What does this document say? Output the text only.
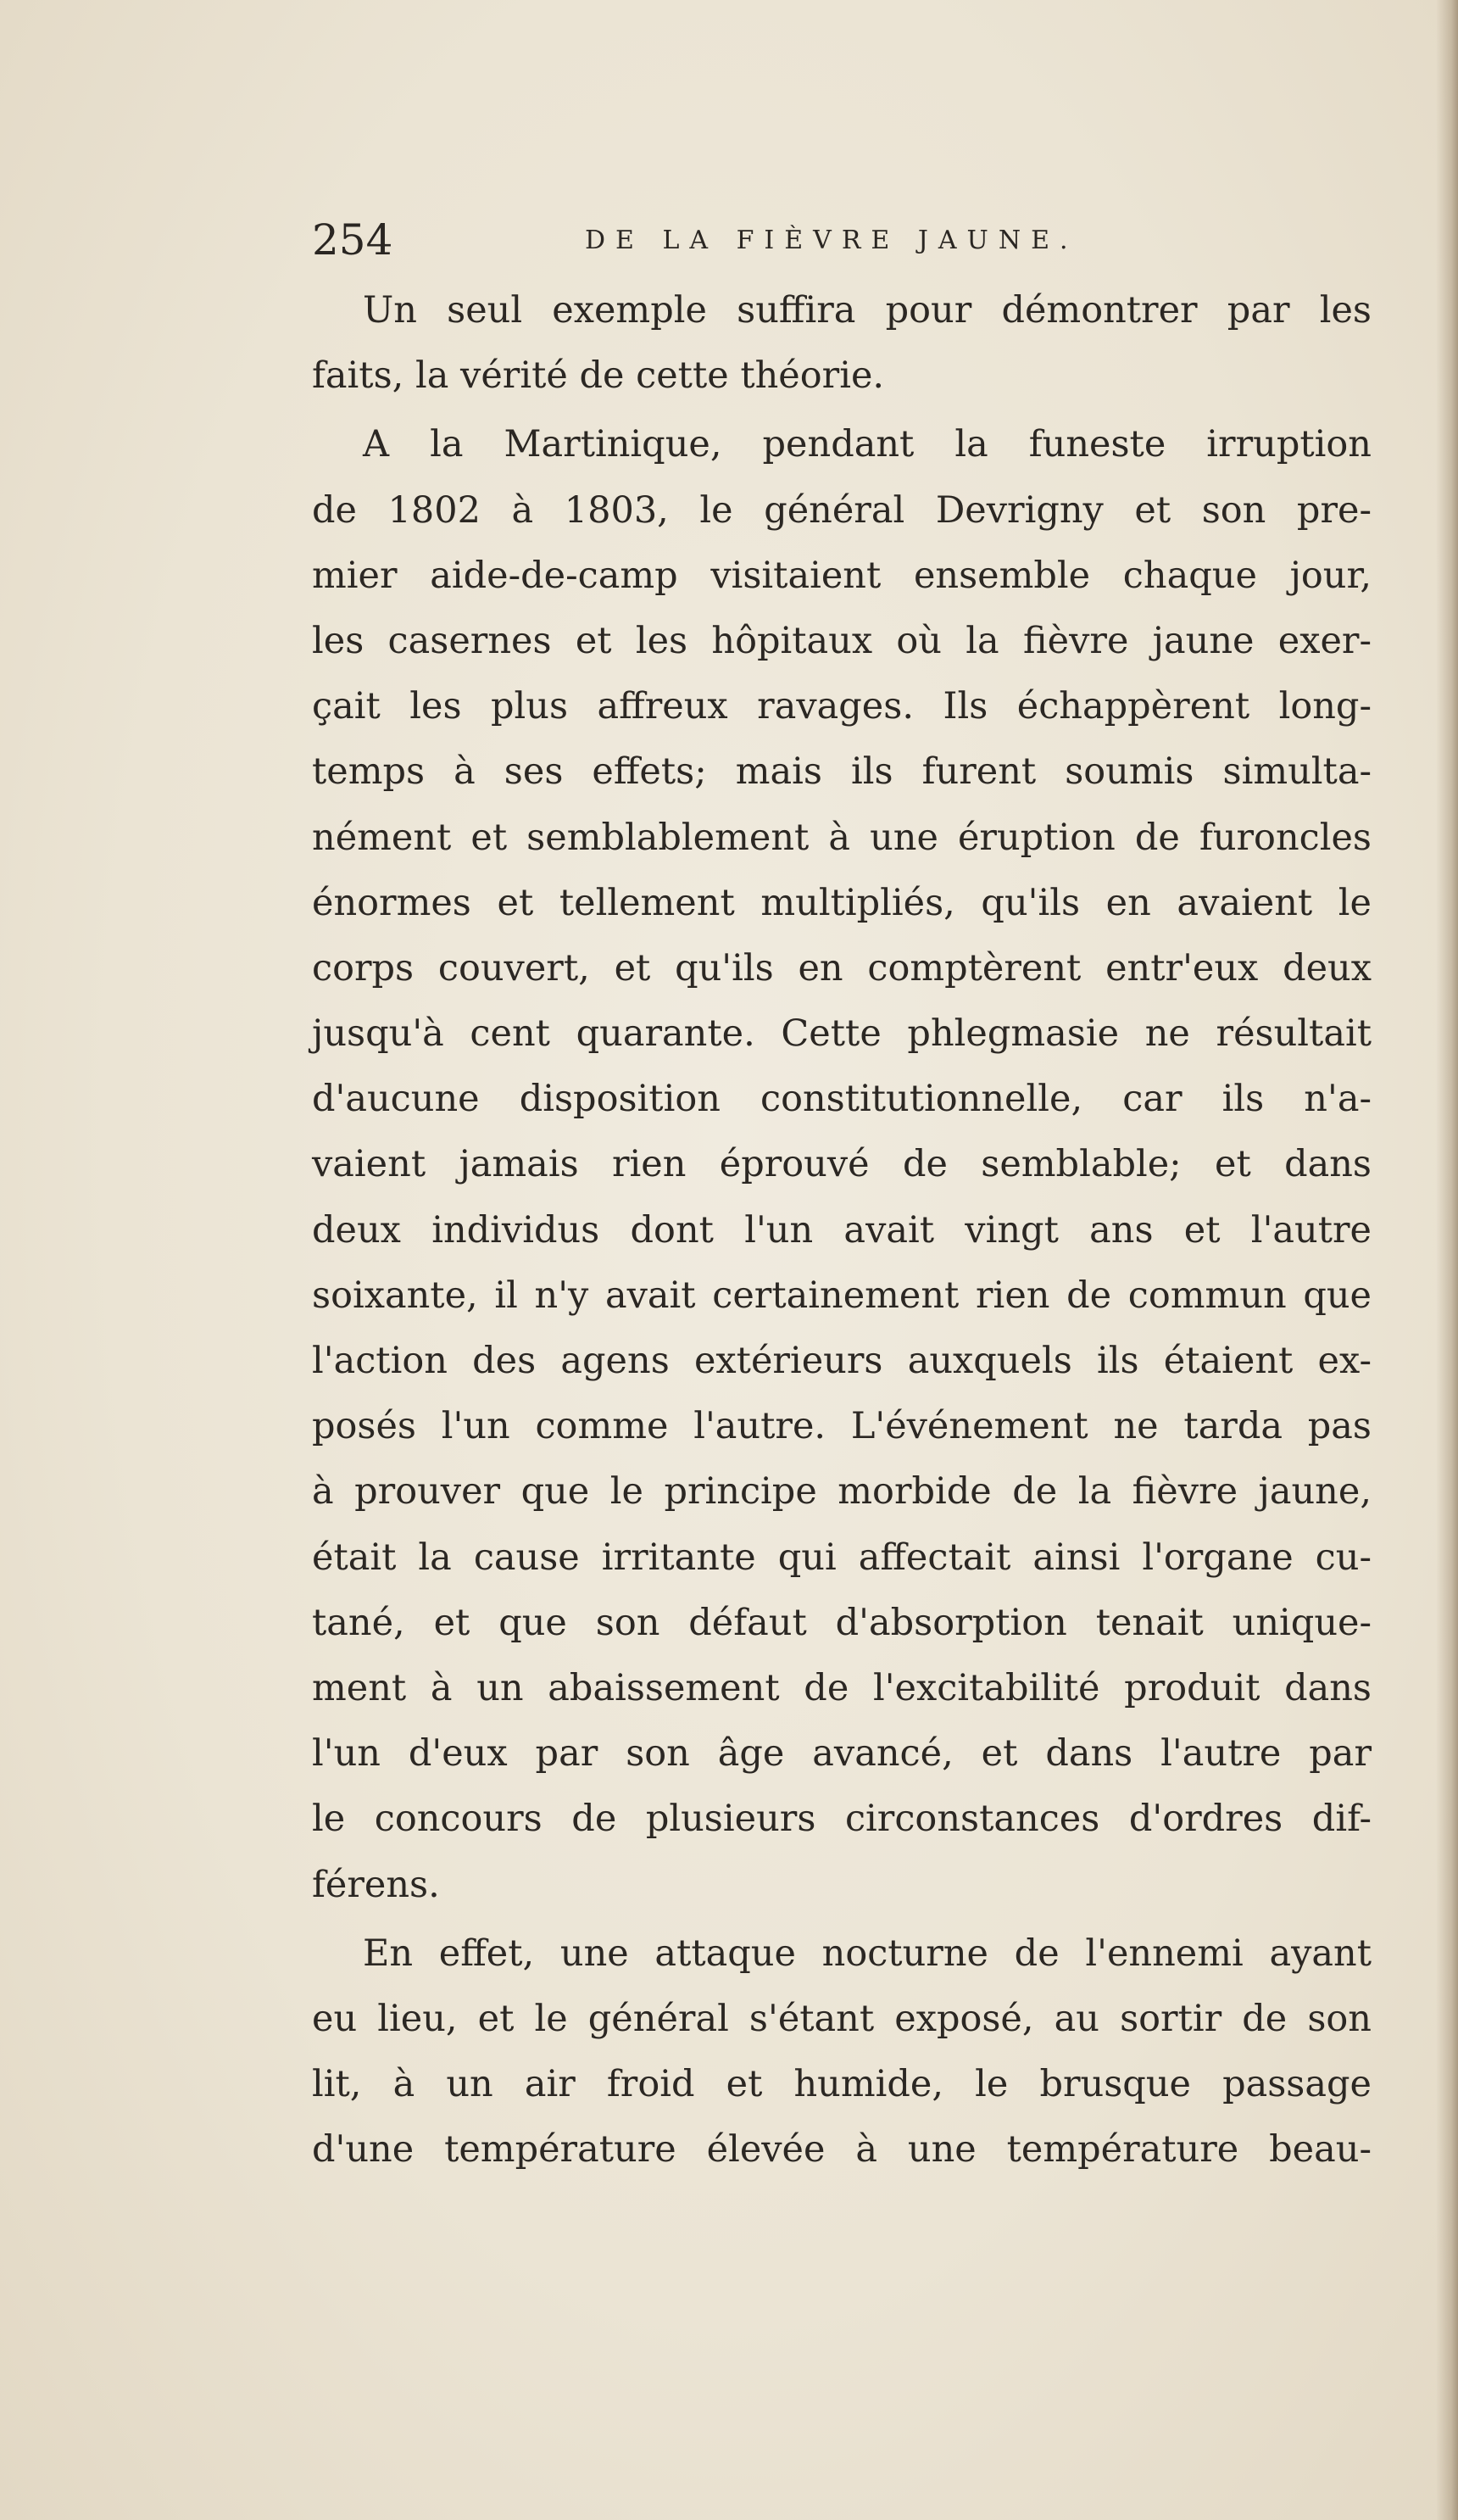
254	DE LA FIÈVRE JAUNE.
Un seul exemple suffira pour démontrer par les
faits, la vérité de cette théorie.
A la Martinique, pendant la funeste irruption
de 1802 à 1803, le général Devrigny et son pre-
mier aide-de-camp visitaient ensemble chaque jour,
les casernes et les hôpitaux où la fièvre jaune exer-
çait les plus affreux ravages. Ils échappèrent long-
temps à ses effets; mais ils furent soumis simulta-
nément et semblablement à une éruption de furoncles
énormes et tellement multipliés, qu'ils en avaient le
corps couvert, et qu'ils en comptèrent entr'eux deux
jusqu'à cent quarante. Cette phlegmasie ne résultait
d'aucune disposition constitutionnelle, car ils n'a-
vaient jamais rien éprouvé de semblable; et dans
deux individus dont l'un avait vingt ans et l'autre
soixante, il n'y avait certainement rien de commun que
l'action des agens extérieurs auxquels ils étaient ex-
posés l'un comme l'autre. L'événement ne tarda pas
à prouver que le principe morbide de la fièvre jaune,
était la cause irritante qui affectait ainsi l'organe cu-
tané, et que son défaut d'absorption tenait unique-
ment à un abaissement de l'excitabilité produit dans
l'un d'eux par son âge avancé, et dans l'autre par
le concours de plusieurs circonstances d'ordres dif-
férens.
En effet, une attaque nocturne de l'ennemi ayant
eu lieu, et le général s'étant exposé, au sortir de son
lit, à un air froid et humide, le brusque passage
d'une température élevée à une température beau-
